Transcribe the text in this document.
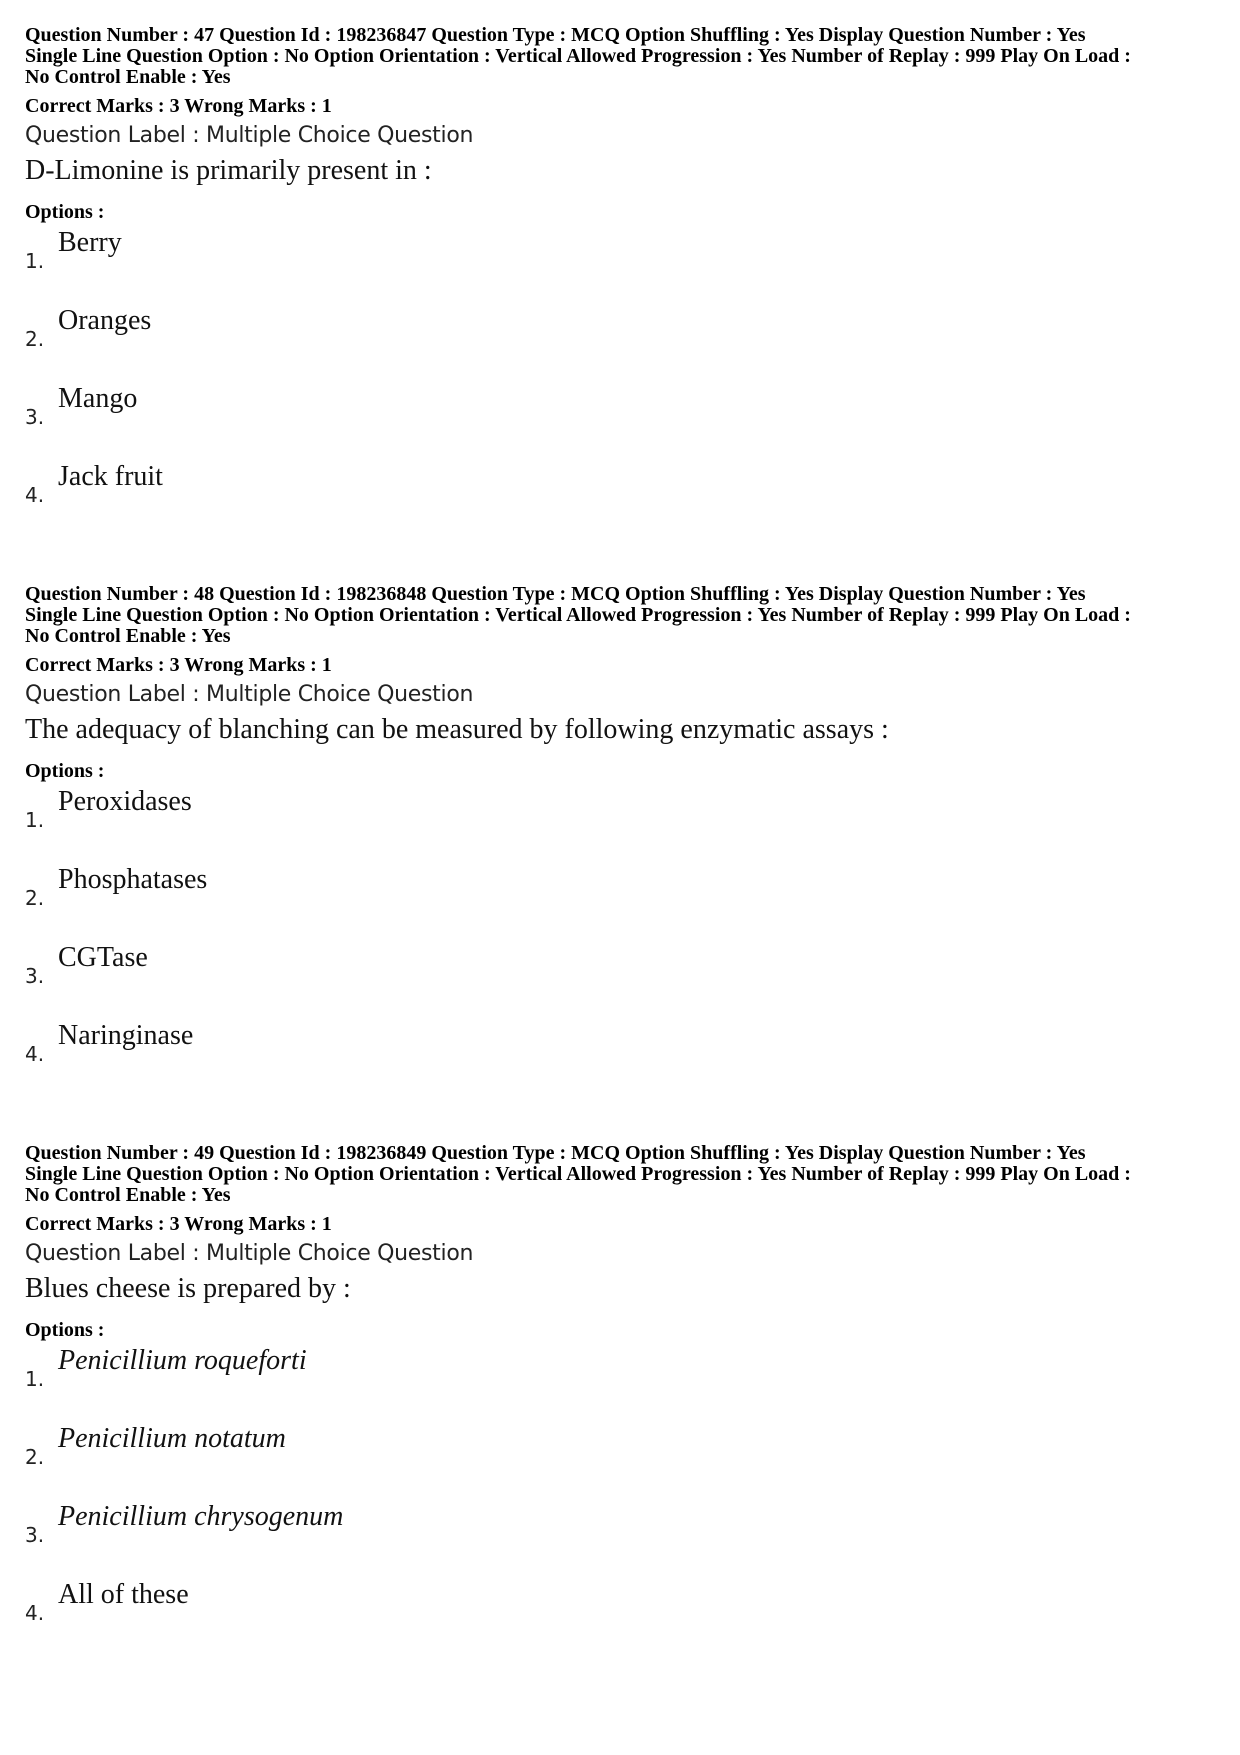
Question Number : 47 Question Id : 198236847 Question Type : MCQ Option Shuffling : Yes Display Question Number : Yes
Single Line Question Option : No Option Orientation : Vertical Allowed Progression : Yes Number of Replay : 999 Play On Load :
No Control Enable : Yes
Correct Marks : 3 Wrong Marks : 1
Question Label : Multiple Choice Question
D-Limonine is primarily present in :
Options :
1.
Berry
2.
Oranges
3.
Mango
4.
Jack fruit
Question Number : 48 Question Id : 198236848 Question Type : MCQ Option Shuffling : Yes Display Question Number : Yes
Single Line Question Option : No Option Orientation : Vertical Allowed Progression : Yes Number of Replay : 999 Play On Load :
No Control Enable : Yes
Correct Marks : 3 Wrong Marks : 1
Question Label : Multiple Choice Question
The adequacy of blanching can be measured by following enzymatic assays :
Options :
1.
Peroxidases
2.
Phosphatases
3.
CGTase
4.
Naringinase
Question Number : 49 Question Id : 198236849 Question Type : MCQ Option Shuffling : Yes Display Question Number : Yes
Single Line Question Option : No Option Orientation : Vertical Allowed Progression : Yes Number of Replay : 999 Play On Load :
No Control Enable : Yes
Correct Marks : 3 Wrong Marks : 1
Question Label : Multiple Choice Question
Blues cheese is prepared by :
Options :
1.
Penicillium roqueforti
2.
Penicillium notatum
3.
Penicillium chrysogenum
4.
All of these
